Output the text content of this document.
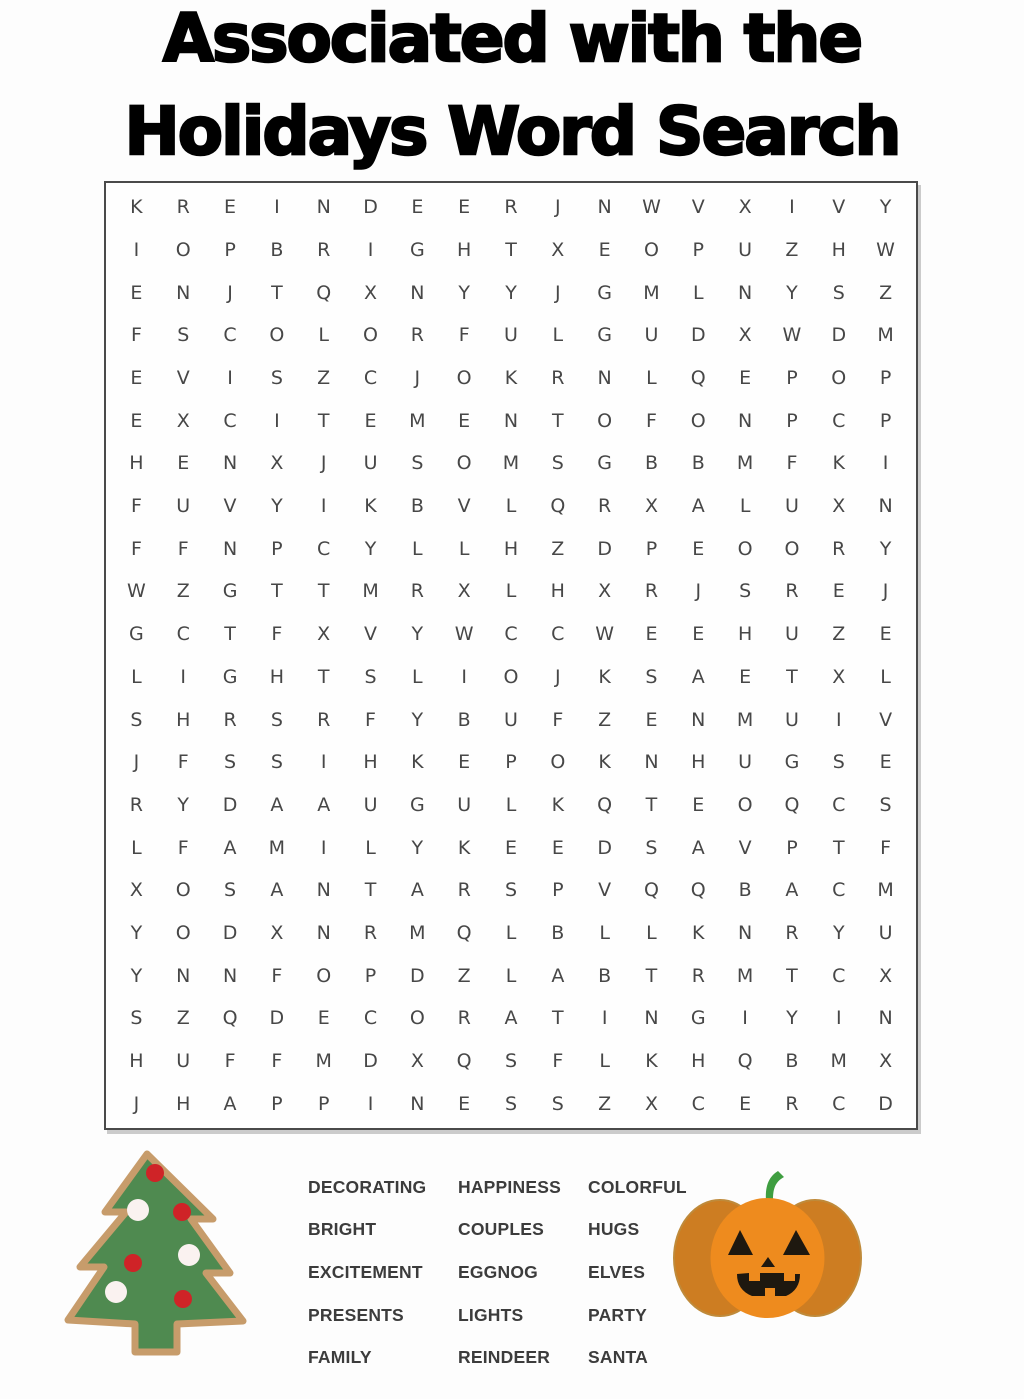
Associated with the
Holidays Word Search
K	R	E	I	N	D	E	E	R	J	N	W	V	X	I	V	Y
I	O	P	B	R	I	G	H	T	X	E	O	P	U	Z	H	W
E	N	J	T	Q	X	N	Y	Y	J	G	M	L	N	Y	S	Z
F	S	C	O	L	O	R	F	U	L	G	U	D	X	W	D	M
E	V	I	S	Z	C	J	O	K	R	N	L	Q	E	P	O	P
E	X	C	I	T	E	M	E	N	T	O	F	O	N	P	C	P
H	E	N	X	J	U	S	O	M	S	G	B	B	M	F	K	I
F	U	V	Y	I	K	B	V	L	Q	R	X	A	L	U	X	N
F	F	N	P	C	Y	L	L	H	Z	D	P	E	O	O	R	Y
W	Z	G	T	T	M	R	X	L	H	X	R	J	S	R	E	J
G	C	T	F	X	V	Y	W	C	C	W	E	E	H	U	Z	E
L	I	G	H	T	S	L	I	O	J	K	S	A	E	T	X	L
S	H	R	S	R	F	Y	B	U	F	Z	E	N	M	U	I	V
J	F	S	S	I	H	K	E	P	O	K	N	H	U	G	S	E
R	Y	D	A	A	U	G	U	L	K	Q	T	E	O	Q	C	S
L	F	A	M	I	L	Y	K	E	E	D	S	A	V	P	T	F
X	O	S	A	N	T	A	R	S	P	V	Q	Q	B	A	C	M
Y	O	D	X	N	R	M	Q	L	B	L	L	K	N	R	Y	U
Y	N	N	F	O	P	D	Z	L	A	B	T	R	M	T	C	X
S	Z	Q	D	E	C	O	R	A	T	I	N	G	I	Y	I	N
H	U	F	F	M	D	X	Q	S	F	L	K	H	Q	B	M	X
J	H	A	P	P	I	N	E	S	S	Z	X	C	E	R	C	D
DECORATING	HAPPINESS	COLORFUL
BRIGHT	COUPLES	HUGS
EXCITEMENT	EGGNOG	ELVES
PRESENTS	LIGHTS	PARTY
FAMILY	REINDEER	SANTA
